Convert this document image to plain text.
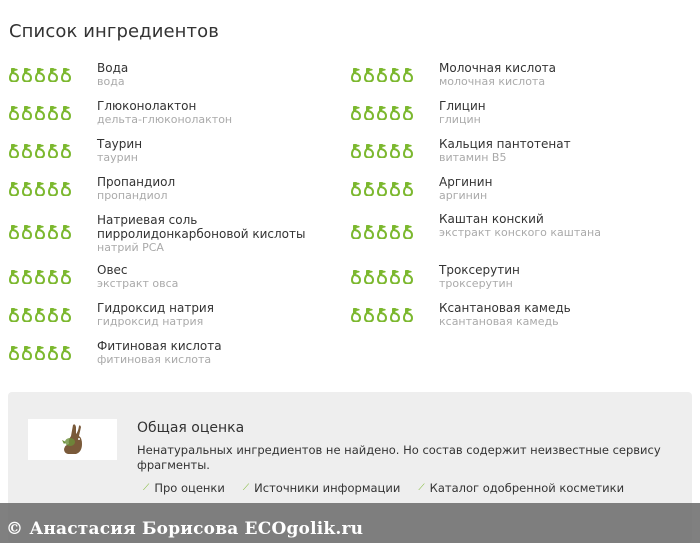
Список ингредиентов
Вода
вода
Глюконолактон
дельта-глюконолактон
Таурин
таурин
Пропандиол
пропандиол
Натриевая соль пирролидонкарбоновой кислоты
натрий PCA
Овес
экстракт овса
Гидроксид натрия
гидроксид натрия
Фитиновая кислота
фитиновая кислота
Молочная кислота
молочная кислота
Глицин
глицин
Кальция пантотенат
витамин B5
Аргинин
аргинин
Каштан конский
экстракт конского каштана
Троксерутин
троксерутин
Ксантановая камедь
ксантановая камедь
Общая оценка
Ненатуральных ингредиентов не найдено. Но состав содержит неизвестные сервису фрагменты.
⟋ Про оценки ⟋ Источники информации ⟋ Каталог одобренной косметики
© Анастасия Борисова ECOgolik.ru
